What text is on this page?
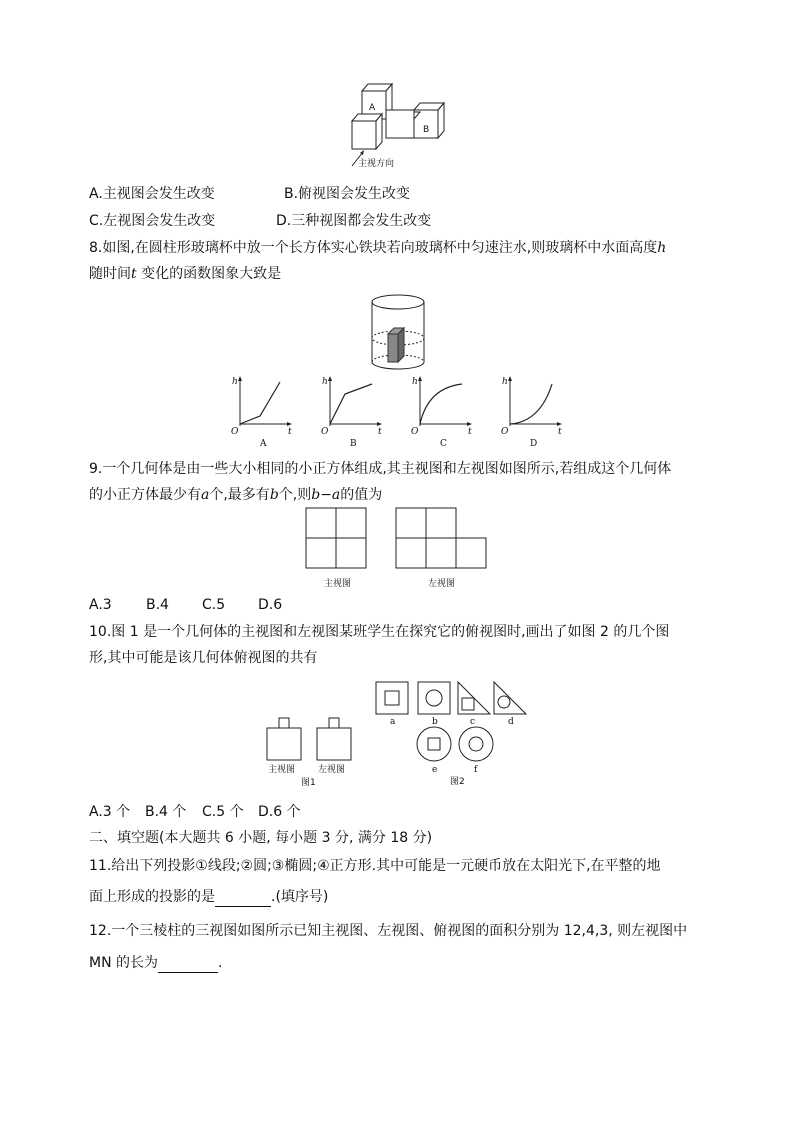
A
B
主视方向
A.主视图会发生改变	B.俯视图会发生改变
C.左视图会发生改变	D.三种视图都会发生改变
8.如图,在圆柱形玻璃杯中放一个长方体实心铁块若向玻璃杯中匀速注水,则玻璃杯中水面高度h
随时间t 变化的函数图象大致是
h
t
O
A
h
t
O
B
h
t
O
C
h
t
O
D
9.一个几何体是由一些大小相同的小正方体组成,其主视图和左视图如图所示,若组成这个几何体
的小正方体最少有a个,最多有b个,则b−a的值为
主视图	左视图
A.3 B.4 C.5 D.6
10.图 1 是一个几何体的主视图和左视图某班学生在探究它的俯视图时,画出了如图 2 的几个图
形,其中可能是该几何体俯视图的共有
主视图	左视图
图1
a	b	c	d
e	f
图2
A.3 个 B.4 个 C.5 个 D.6 个
二、填空题(本大题共 6 小题, 每小题 3 分, 满分 18 分)
11.给出下列投影①线段;②圆;③椭圆;④正方形.其中可能是一元硬币放在太阳光下,在平整的地
面上形成的投影的是	.(填序号)
12.一个三棱柱的三视图如图所示已知主视图、左视图、俯视图的面积分别为 12,4,3, 则左视图中
MN 的长为	.
